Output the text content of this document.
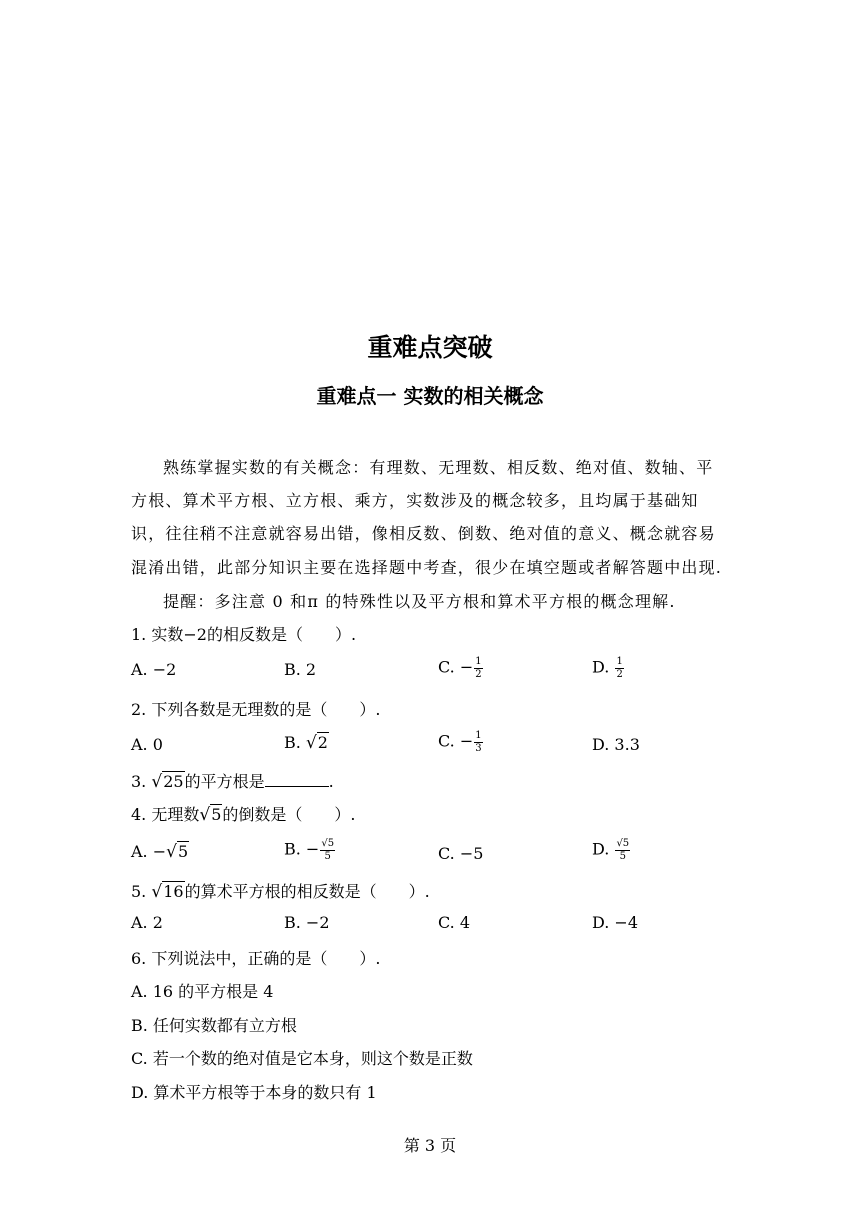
重难点突破
重难点一 实数的相关概念
熟练掌握实数的有关概念：有理数、无理数、相反数、绝对值、数轴、平
方根、算术平方根、立方根、乘方，实数涉及的概念较多，且均属于基础知
识，往往稍不注意就容易出错，像相反数、倒数、绝对值的意义、概念就容易
混淆出错，此部分知识主要在选择题中考查，很少在填空题或者解答题中出现.
提醒：多注意 0 和π 的特殊性以及平方根和算术平方根的概念理解.
1. 实数−2的相反数是（　　）.
A. −2	B. 2	C. − $\frac{1}{2}$	D. $\frac{1}{2}$
2. 下列各数是无理数的是（　　）.
A. 0	B. √2	C. − $\frac{1}{3}$	D. 3.3
3. √25的平方根是	.
4. 无理数√5的倒数是（　　）.
A. −√5	B. − $\frac{√5}{5}$	C. −5	D. $\frac{√5}{5}$
5. √16的算术平方根的相反数是（　　）.
A. 2	B. −2	C. 4	D. −4
6. 下列说法中，正确的是（　　）.
A. 16 的平方根是 4
B. 任何实数都有立方根
C. 若一个数的绝对值是它本身，则这个数是正数
D. 算术平方根等于本身的数只有 1
第 3 页
